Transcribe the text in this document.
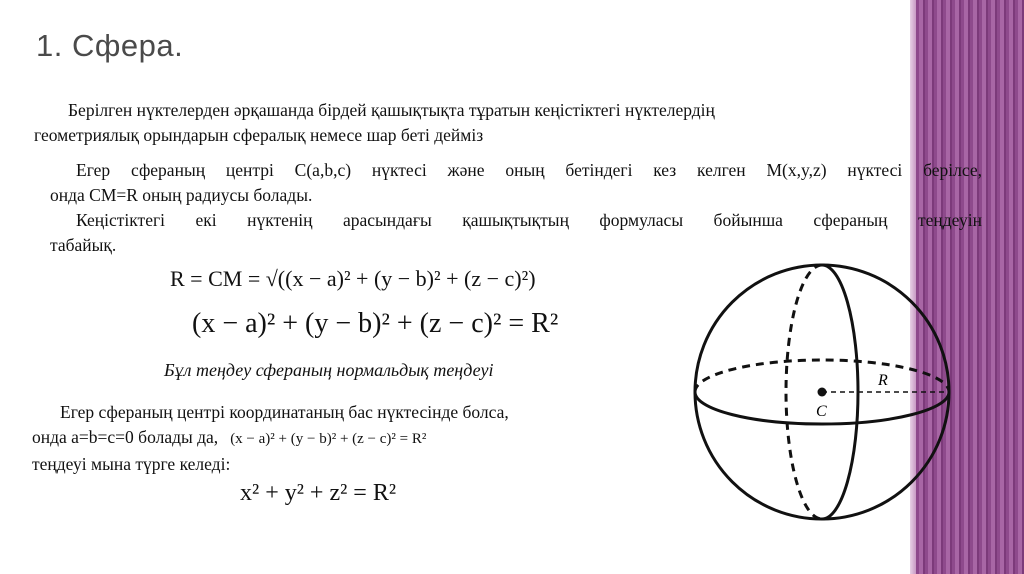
1. Сфера.
Берілген нүктелерден әрқашанда бірдей қашықтықта тұратын кеңістіктегі нүктелердің
геометриялық орындарын сфералық немесе шар беті дейміз
Егер сфераның центрі C(a,b,c) нүктесі және оның бетіндегі кез келген M(x,y,z) нүктесі берілсе,
онда CM=R оның радиусы болады.
Кеңістіктегі екі нүктенің арасындағы қашықтықтың формуласы бойынша сфераның теңдеуін
табайық.
R = CM = √((x − a)² + (y − b)² + (z − c)²)
(x − a)² + (y − b)² + (z − c)² = R²
Бұл теңдеу сфераның нормальдық теңдеуі
Егер сфераның центрі координатаның бас нүктесінде болса,
онда a=b=c=0 болады да, (x − a)² + (y − b)² + (z − c)² = R²
теңдеуі мына түрге келеді:
x² + y² + z² = R²
C
R
